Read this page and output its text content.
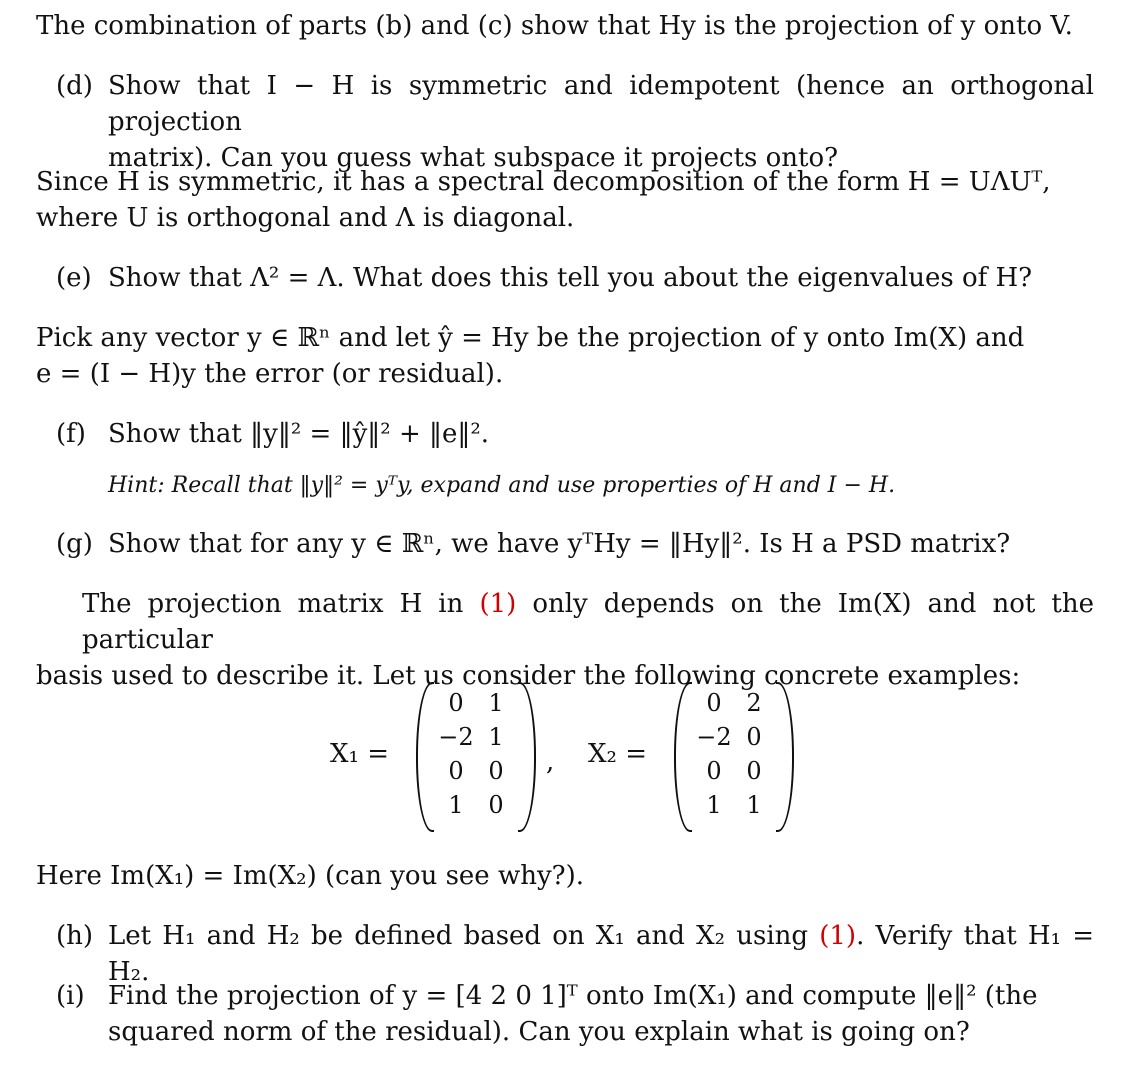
The combination of parts (b) and (c) show that Hy is the projection of y onto V.
(d) Show that I − H is symmetric and idempotent (hence an orthogonal projection
matrix). Can you guess what subspace it projects onto?
Since H is symmetric, it has a spectral decomposition of the form H = UΛUᵀ,
where U is orthogonal and Λ is diagonal.
(e) Show that Λ² = Λ. What does this tell you about the eigenvalues of H?
Pick any vector y ∈ ℝⁿ and let ŷ = Hy be the projection of y onto Im(X) and
e = (I − H)y the error (or residual).
(f) Show that ‖y‖² = ‖ŷ‖² + ‖e‖².
Hint: Recall that ‖y‖² = yᵀy, expand and use properties of H and I − H.
(g) Show that for any y ∈ ℝⁿ, we have yᵀHy = ‖Hy‖². Is H a PSD matrix?
The projection matrix H in (1) only depends on the Im(X) and not the particular
basis used to describe it. Let us consider the following concrete examples:
X₁ =
0	1
−2 1
0	0
1	0
, X₂ =
0	2
−2 0
0	0
1	1
Here Im(X₁) = Im(X₂) (can you see why?).
(h) Let H₁ and H₂ be defined based on X₁ and X₂ using (1). Verify that H₁ = H₂.
(i) Find the projection of y = [4 2 0 1]ᵀ onto Im(X₁) and compute ‖e‖² (the
squared norm of the residual). Can you explain what is going on?
